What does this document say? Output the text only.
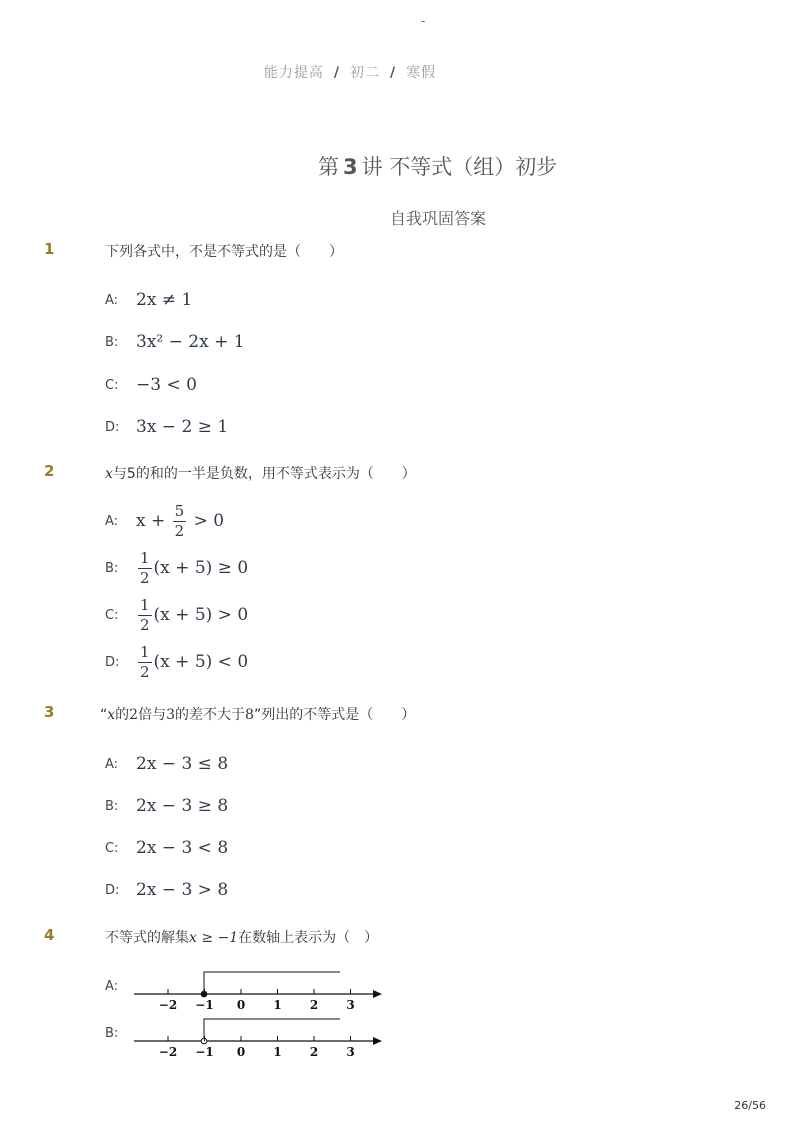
-
能力提高 / 初二 / 寒假
第 3 讲 不等式（组）初步
自我巩固答案
1	下列各式中，不是不等式的是（　　）
A:	2x ≠ 1
B:	3x² − 2x + 1
C:	−3 < 0
D: 3x − 2 ≥ 1
2	x与5的和的一半是负数，用不等式表示为（　　）
A:	$x + \frac{5}{2} > 0$
B:	$\frac{1}{2} (x + 5) \ge 0$
C:	$\frac{1}{2} (x + 5) > 0$
D:	$\frac{1}{2} (x + 5) < 0$
3	“x的2倍与3的差不大于8”列出的不等式是（　　）
A:	2x − 3 ≤ 8
B:	2x − 3 ≥ 8
C:	2x − 3 < 8
D: 2x − 3 > 8
4	不等式的解集x ≥ −1在数轴上表示为（　）
A:
−2 −1 0 1 2 3
B:
−2 −1 0 1 2 3
26/56
